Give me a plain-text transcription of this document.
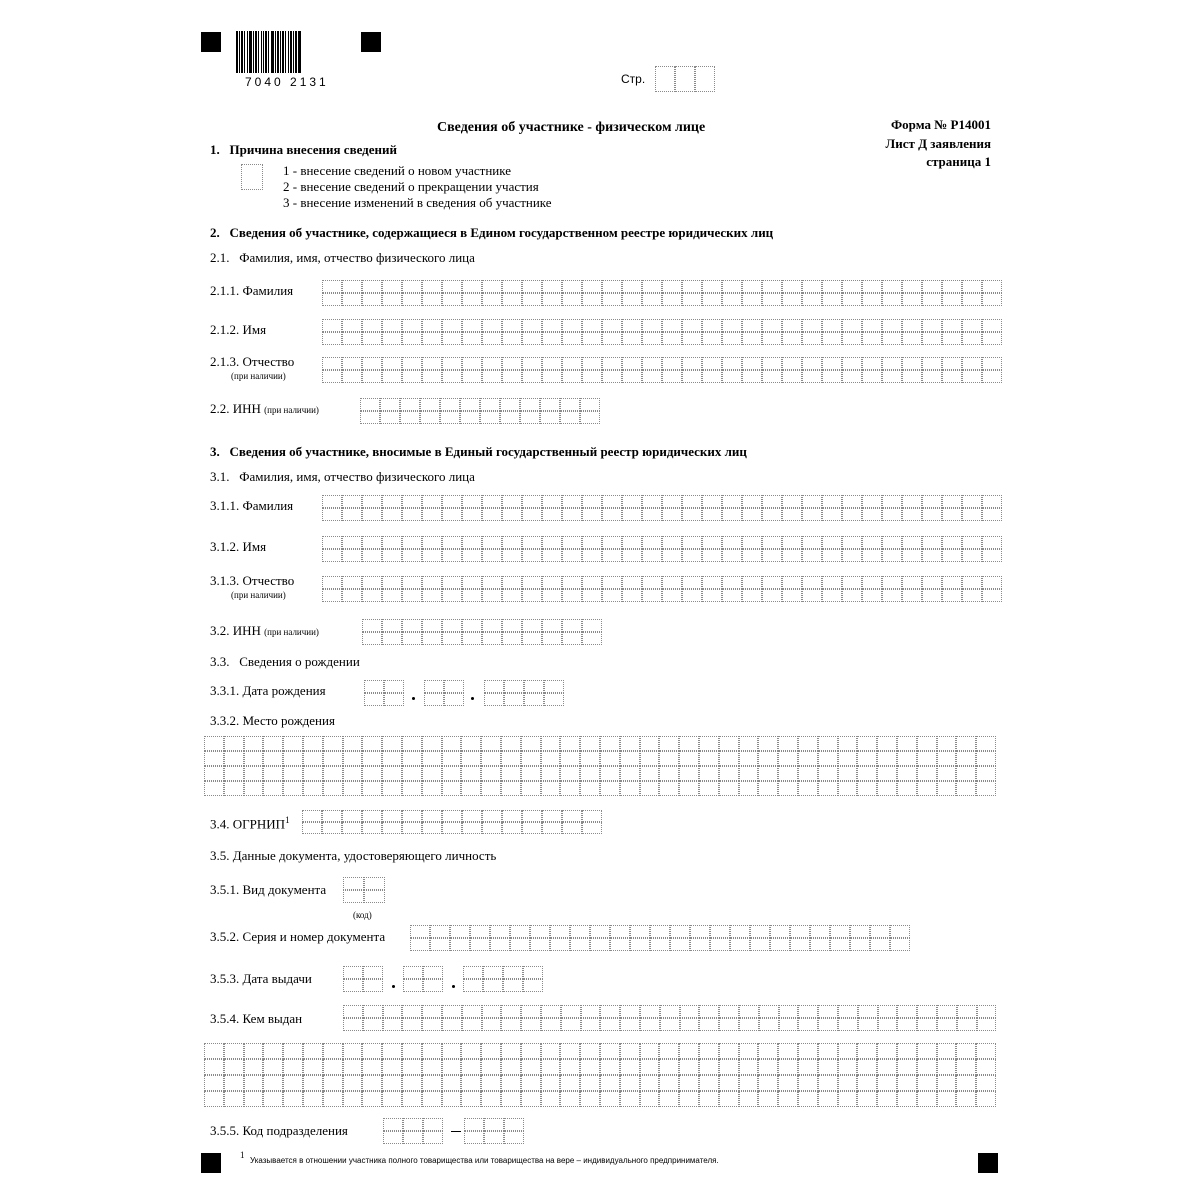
7040 2131	Стр.
Сведения об участнике - физическом лице	Форма № Р14001
Лист Д заявления
страница 1
1.   Причина внесения сведений
1 - внесение сведений о новом участнике
2 - внесение сведений о прекращении участия
3 - внесение изменений в сведения об участнике
2.   Сведения об участнике, содержащиеся в Едином государственном реестре юридических лиц
2.1.   Фамилия, имя, отчество физического лица
2.1.1. Фамилия
2.1.2. Имя
2.1.3. Отчество
(при наличии)
2.2. ИНН (при наличии)
3.   Сведения об участнике, вносимые в Единый государственный реестр юридических лиц
3.1.   Фамилия, имя, отчество физического лица
3.1.1. Фамилия
3.1.2. Имя
3.1.3. Отчество
(при наличии)
3.2. ИНН (при наличии)
3.3.   Сведения о рождении
3.3.1. Дата рождения
3.3.2. Место рождения
3.4. ОГРНИП$^1$
3.5. Данные документа, удостоверяющего личность
3.5.1. Вид документа
(код)
3.5.2. Серия и номер документа
3.5.3. Дата выдачи
3.5.4. Кем выдан
3.5.5. Код подразделения
1
Указывается в отношении участника полного товарищества или товарищества на вере – индивидуального предпринимателя.
